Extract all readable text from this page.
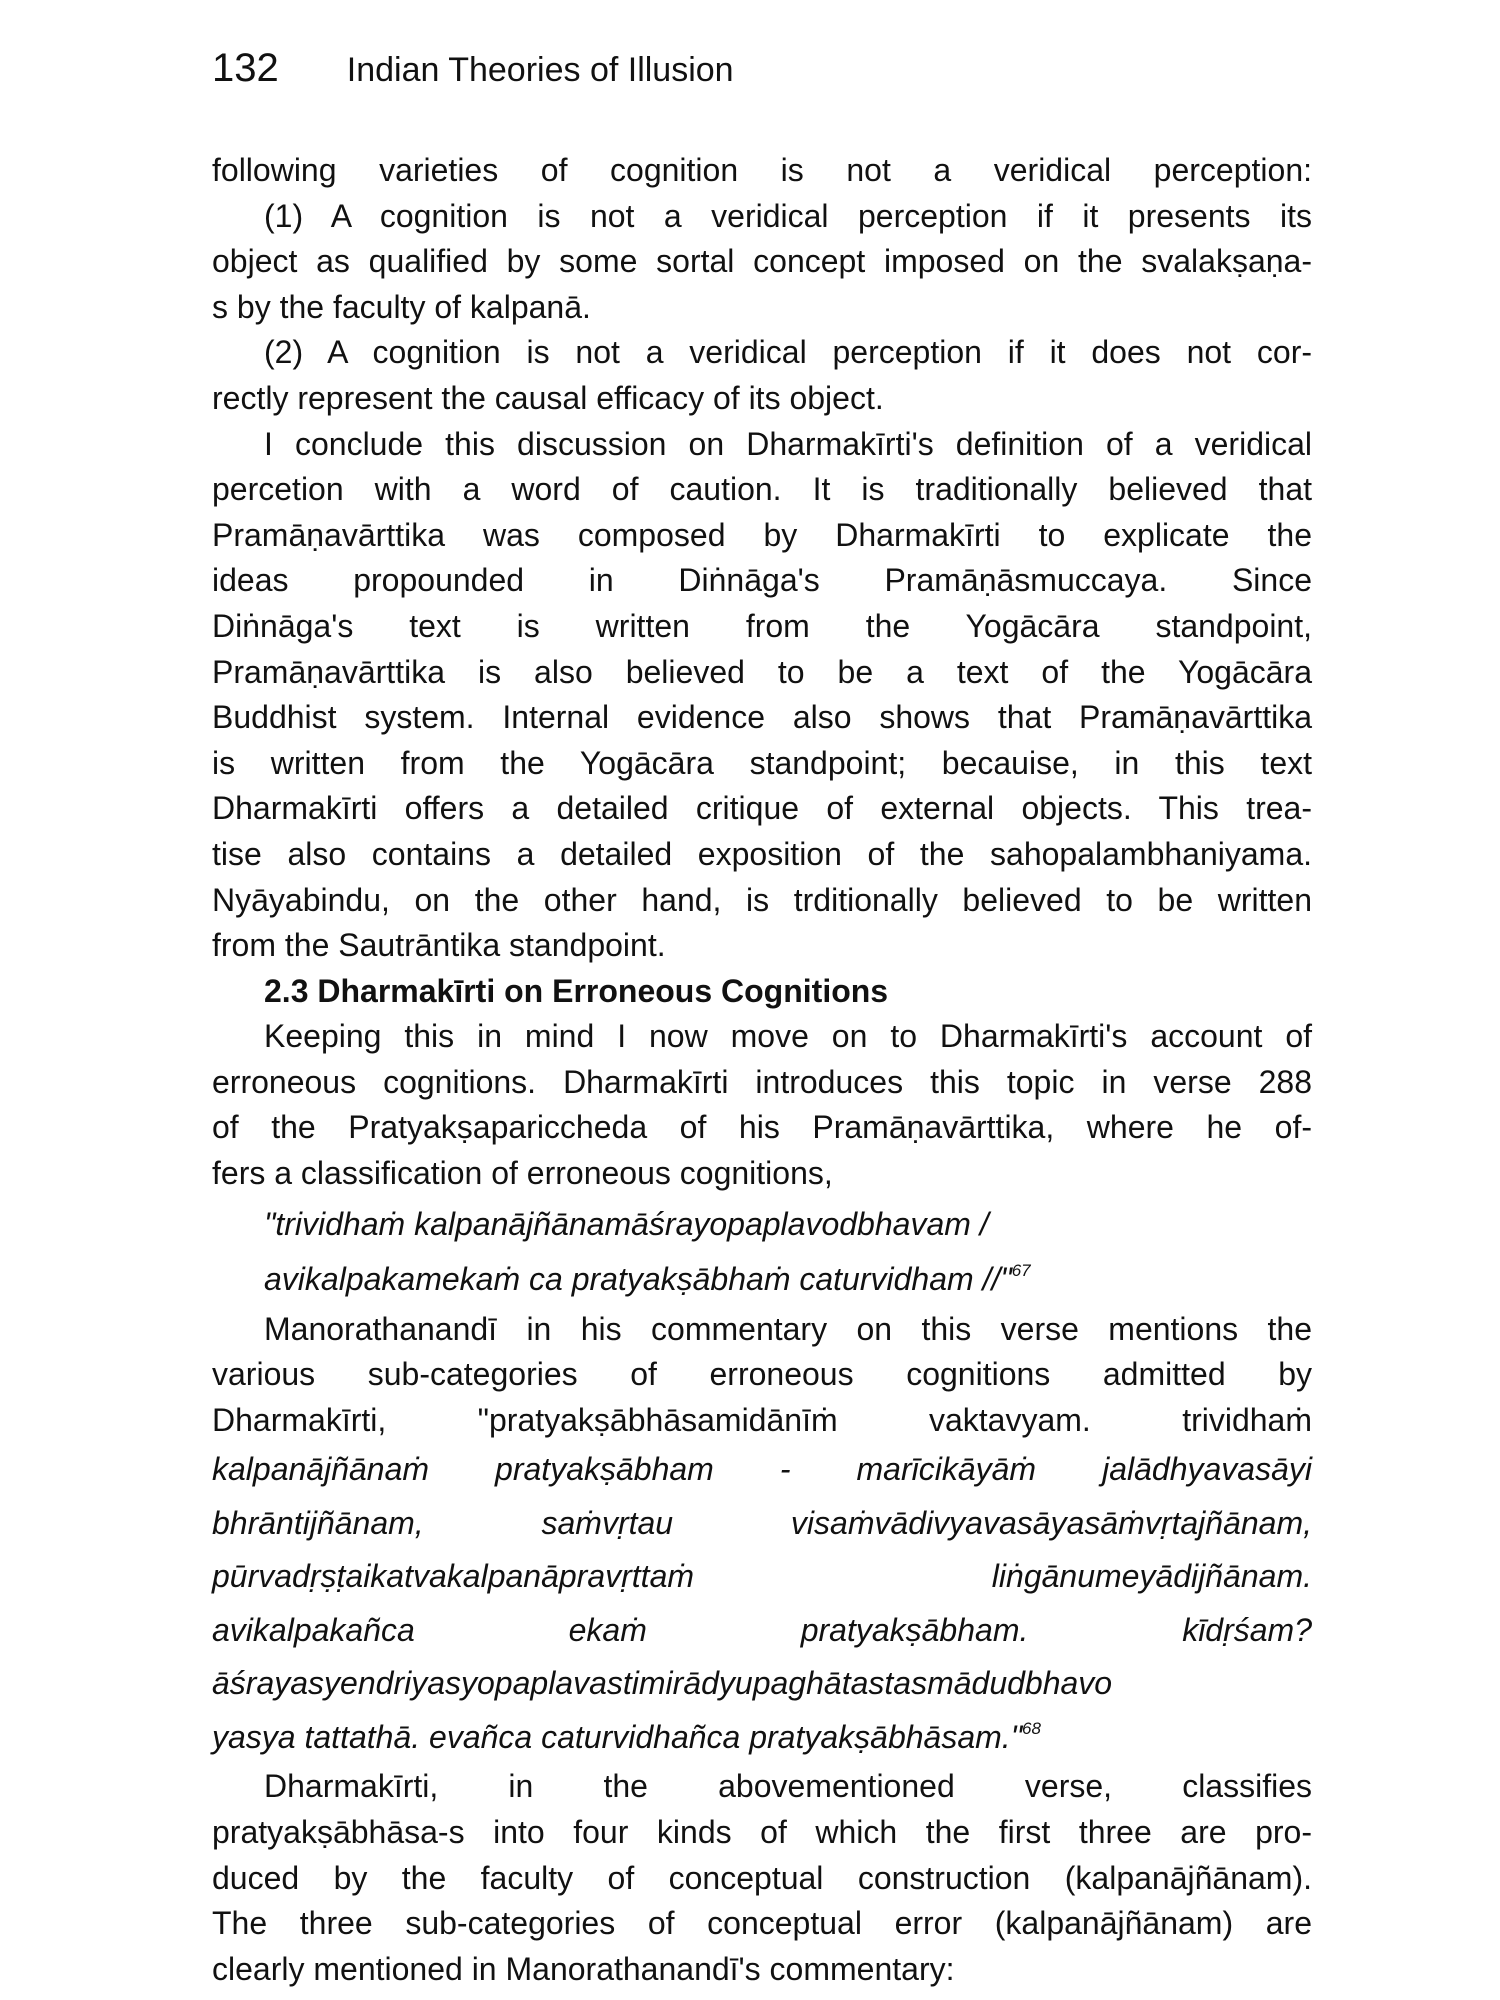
132 Indian Theories of Illusion
following varieties of cognition is not a veridical perception:
(1) A cognition is not a veridical perception if it presents its
object as qualified by some sortal concept imposed on the svalakṣaṇa-
s by the faculty of kalpanā.
(2) A cognition is not a veridical perception if it does not cor-
rectly represent the causal efficacy of its object.
I conclude this discussion on Dharmakīrti's definition of a veridical
percetion with a word of caution. It is traditionally believed that
Pramāṇavārttika was composed by Dharmakīrti to explicate the
ideas propounded in Diṅnāga's Pramāṇāsmuccaya. Since
Diṅnāga's text is written from the Yogācāra standpoint,
Pramāṇavārttika is also believed to be a text of the Yogācāra
Buddhist system. Internal evidence also shows that Pramāṇavārttika
is written from the Yogācāra standpoint; becauise, in this text
Dharmakīrti offers a detailed critique of external objects. This trea-
tise also contains a detailed exposition of the sahopalambhaniyama.
Nyāyabindu, on the other hand, is trditionally believed to be written
from the Sautrāntika standpoint.
2.3 Dharmakīrti on Erroneous Cognitions
Keeping this in mind I now move on to Dharmakīrti's account of
erroneous cognitions. Dharmakīrti introduces this topic in verse 288
of the Pratyakṣapariccheda of his Pramāṇavārttika, where he of-
fers a classification of erroneous cognitions,
"trividhaṁ kalpanājñānamāśrayopaplavodbhavam /
avikalpakamekaṁ ca pratyakṣābhaṁ caturvidham //"$^{67}$
Manorathanandī in his commentary on this verse mentions the
various sub-categories of erroneous cognitions admitted by
Dharmakīrti, "pratyakṣābhāsamidānīṁ vaktavyam. trividhaṁ
kalpanājñānaṁ pratyakṣābham - marīcikāyāṁ jalādhyavasāyi
bhrāntijñānam, saṁvṛtau visaṁvādivyavasāyasāṁvṛtajñānam,
pūrvadṛṣṭaikatvakalpanāpravṛttaṁ liṅgānumeyādijñānam.
avikalpakañca ekaṁ pratyakṣābham. kīdṛśam?
āśrayasyendriyasyopaplavastimirādyupaghātastasmādudbhavo
yasya tattathā. evañca caturvidhañca pratyakṣābhāsam."$^{68}$
Dharmakīrti, in the abovementioned verse, classifies
pratyakṣābhāsa-s into four kinds of which the first three are pro-
duced by the faculty of conceptual construction (kalpanājñānam).
The three sub-categories of conceptual error (kalpanājñānam) are
clearly mentioned in Manorathanandī's commentary:
